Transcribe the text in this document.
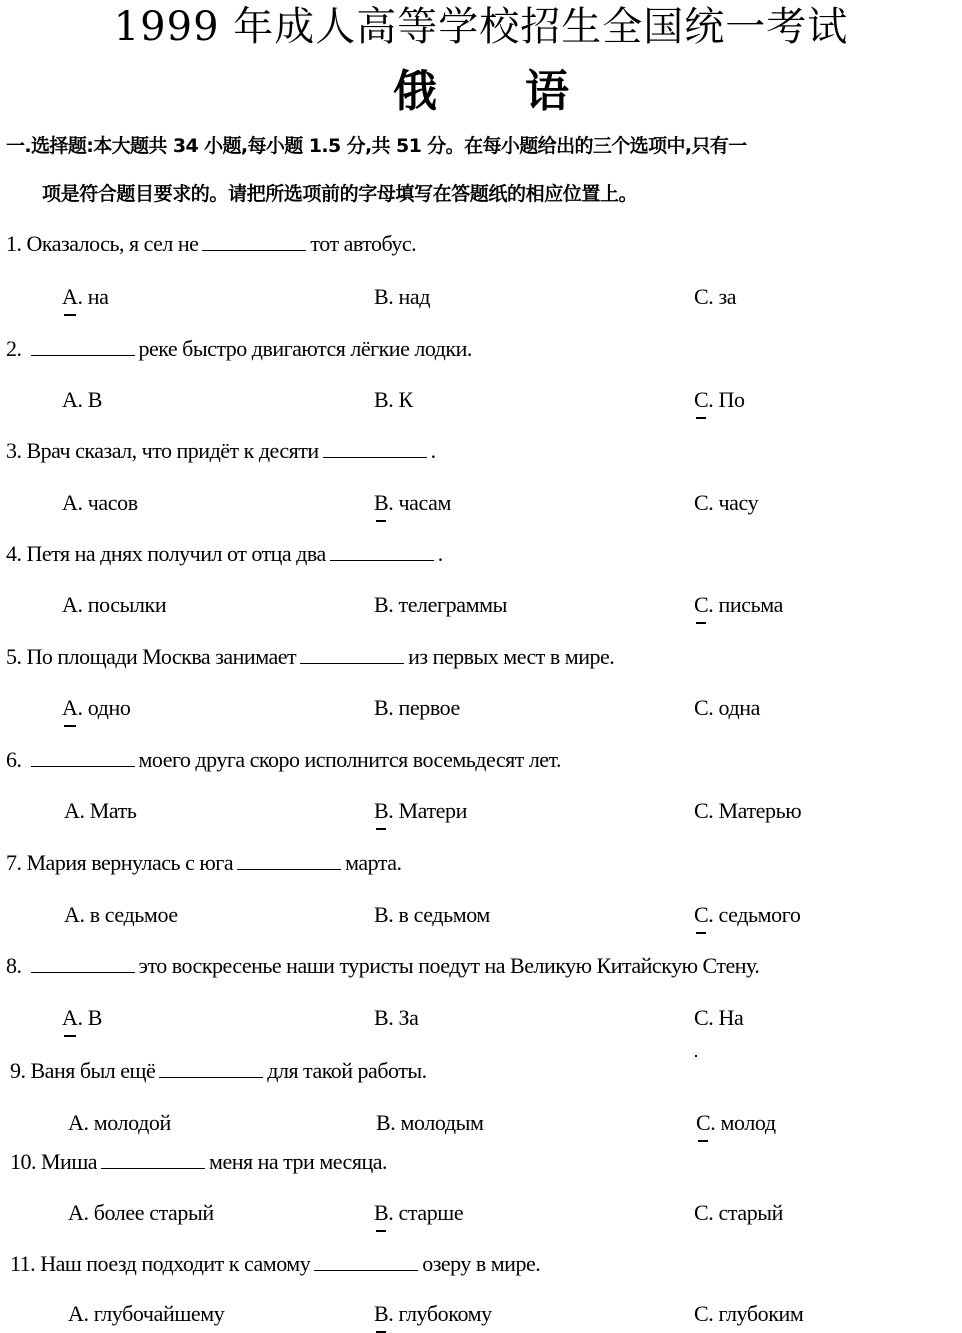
1999 年成人高等学校招生全国统一考试
俄 语
一.选择题:本大题共 34 小题,每小题 1.5 分,共 51 分。在每小题给出的三个选项中,只有一
项是符合题目要求的。请把所选项前的字母填写在答题纸的相应位置上。
1. Оказалось, я сел не	тот автобус.
A. на	B. над	C. за
2.	реке быстро двигаются лёгкие лодки.
A. В	B. К	C. По
3. Врач сказал, что придёт к десяти	.
A. часов	B. часам	C. часу
4. Петя на днях получил от отца два	.
A. посылки	B. телеграммы	C. письма
5. По площади Москва занимает	из первых мест в мире.
A. одно	B. первое	C. одна
6.	моего друга скоро исполнится восемьдесят лет.
A. Мать	B. Матери	C. Матерью
7. Мария вернулась с юга	марта.
A. в седьмое	B. в седьмом	C. седьмого
8.	это воскресенье наши туристы поедут на Великую Китайскую Стену.
A. В	B. За	C. На
9. Ваня был ещё	для такой работы.
A. молодой	B. молодым	C. молод
10. Миша	меня на три месяца.
A. более старый	B. старше	C. старый
11. Наш поезд подходит к самому	озеру в мире.
A. глубочайшему	B. глубокому	C. глубоким
